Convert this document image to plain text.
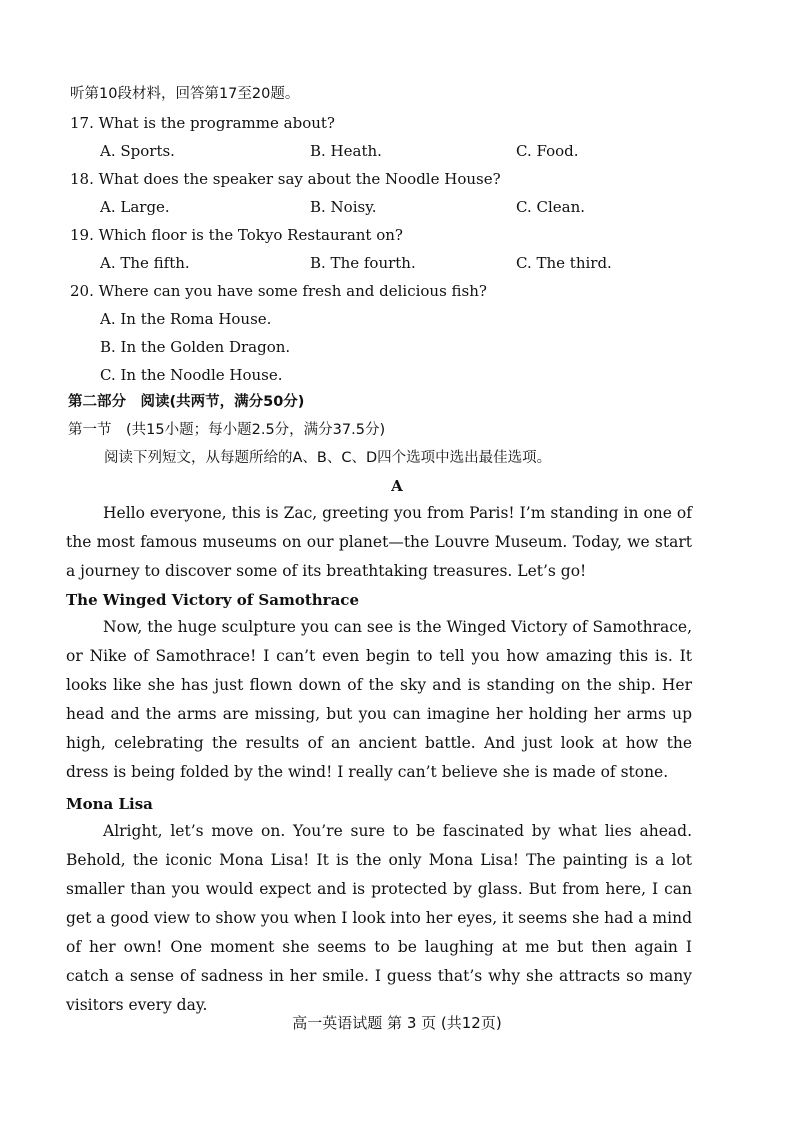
听第10段材料，回答第17至20题。
17. What is the programme about?
A. Sports.	B. Heath.	C. Food.
18. What does the speaker say about the Noodle House?
A. Large.	B. Noisy.	C. Clean.
19. Which floor is the Tokyo Restaurant on?
A. The fifth.	B. The fourth.	C. The third.
20. Where can you have some fresh and delicious fish?
A. In the Roma House.
B. In the Golden Dragon.
C. In the Noodle House.
第二部分　阅读(共两节，满分50分)
第一节　(共15小题；每小题2.5分，满分37.5分)
阅读下列短文，从每题所给的A、B、C、D四个选项中选出最佳选项。
A
Hello everyone, this is Zac, greeting you from Paris! I’m standing in one of the most famous museums on our planet—the Louvre Museum. Today, we start a journey to discover some of its breathtaking treasures. Let’s go!
The Winged Victory of Samothrace
Now, the huge sculpture you can see is the Winged Victory of Samothrace, or Nike of Samothrace! I can’t even begin to tell you how amazing this is. It looks like she has just flown down of the sky and is standing on the ship. Her head and the arms are missing, but you can imagine her holding her arms up high, celebrating the results of an ancient battle. And just look at how the dress is being folded by the wind! I really can’t believe she is made of stone.
Mona Lisa
Alright, let’s move on. You’re sure to be fascinated by what lies ahead. Behold, the iconic Mona Lisa! It is the only Mona Lisa! The painting is a lot smaller than you would expect and is protected by glass. But from here, I can get a good view to show you when I look into her eyes, it seems she had a mind of her own! One moment she seems to be laughing at me but then again I catch a sense of sadness in her smile. I guess that’s why she attracts so many visitors every day.
高一英语试题 第 3 页 (共12页)
